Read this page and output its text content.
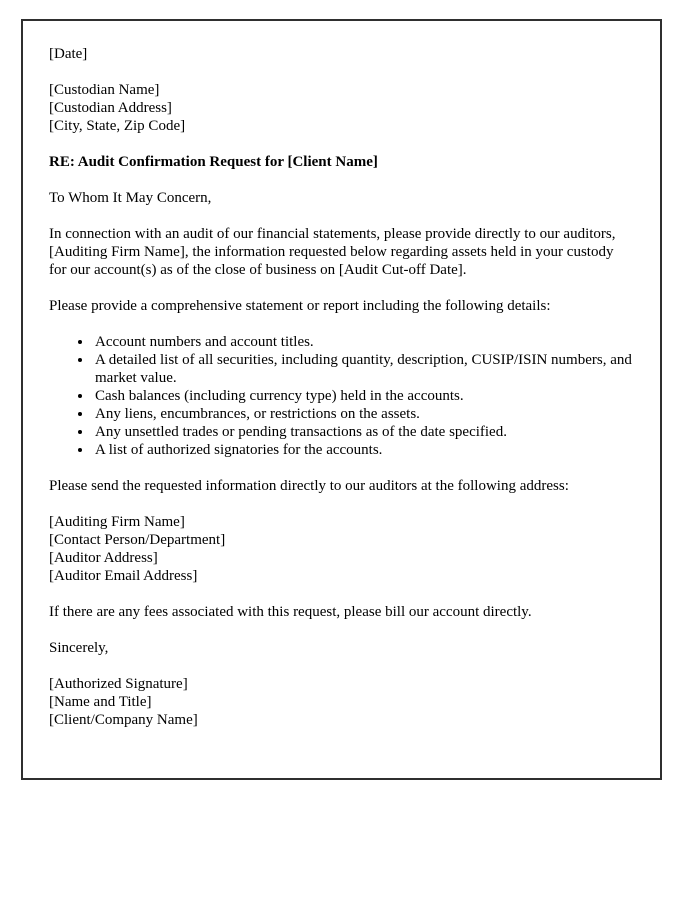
[Date]

[Custodian Name]

[Custodian Address]

[City, State, Zip Code]

RE: Audit Confirmation Request for [Client Name]

To Whom It May Concern,

In connection with an audit of our financial statements, please provide directly to our auditors, [Auditing Firm Name], the information requested below regarding assets held in your custody for our account(s) as of the close of business on [Audit Cut-off Date].

Please provide a comprehensive statement or report including the following details:

• Account numbers and account titles.
• A detailed list of all securities, including quantity, description, CUSIP/ISIN numbers, and market value.
• Cash balances (including currency type) held in the accounts.
• Any liens, encumbrances, or restrictions on the assets.
• Any unsettled trades or pending transactions as of the date specified.
• A list of authorized signatories for the accounts.

Please send the requested information directly to our auditors at the following address:

[Auditing Firm Name]

[Contact Person/Department]

[Auditor Address]

[Auditor Email Address]

If there are any fees associated with this request, please bill our account directly.

Sincerely,

[Authorized Signature]

[Name and Title]

[Client/Company Name]
